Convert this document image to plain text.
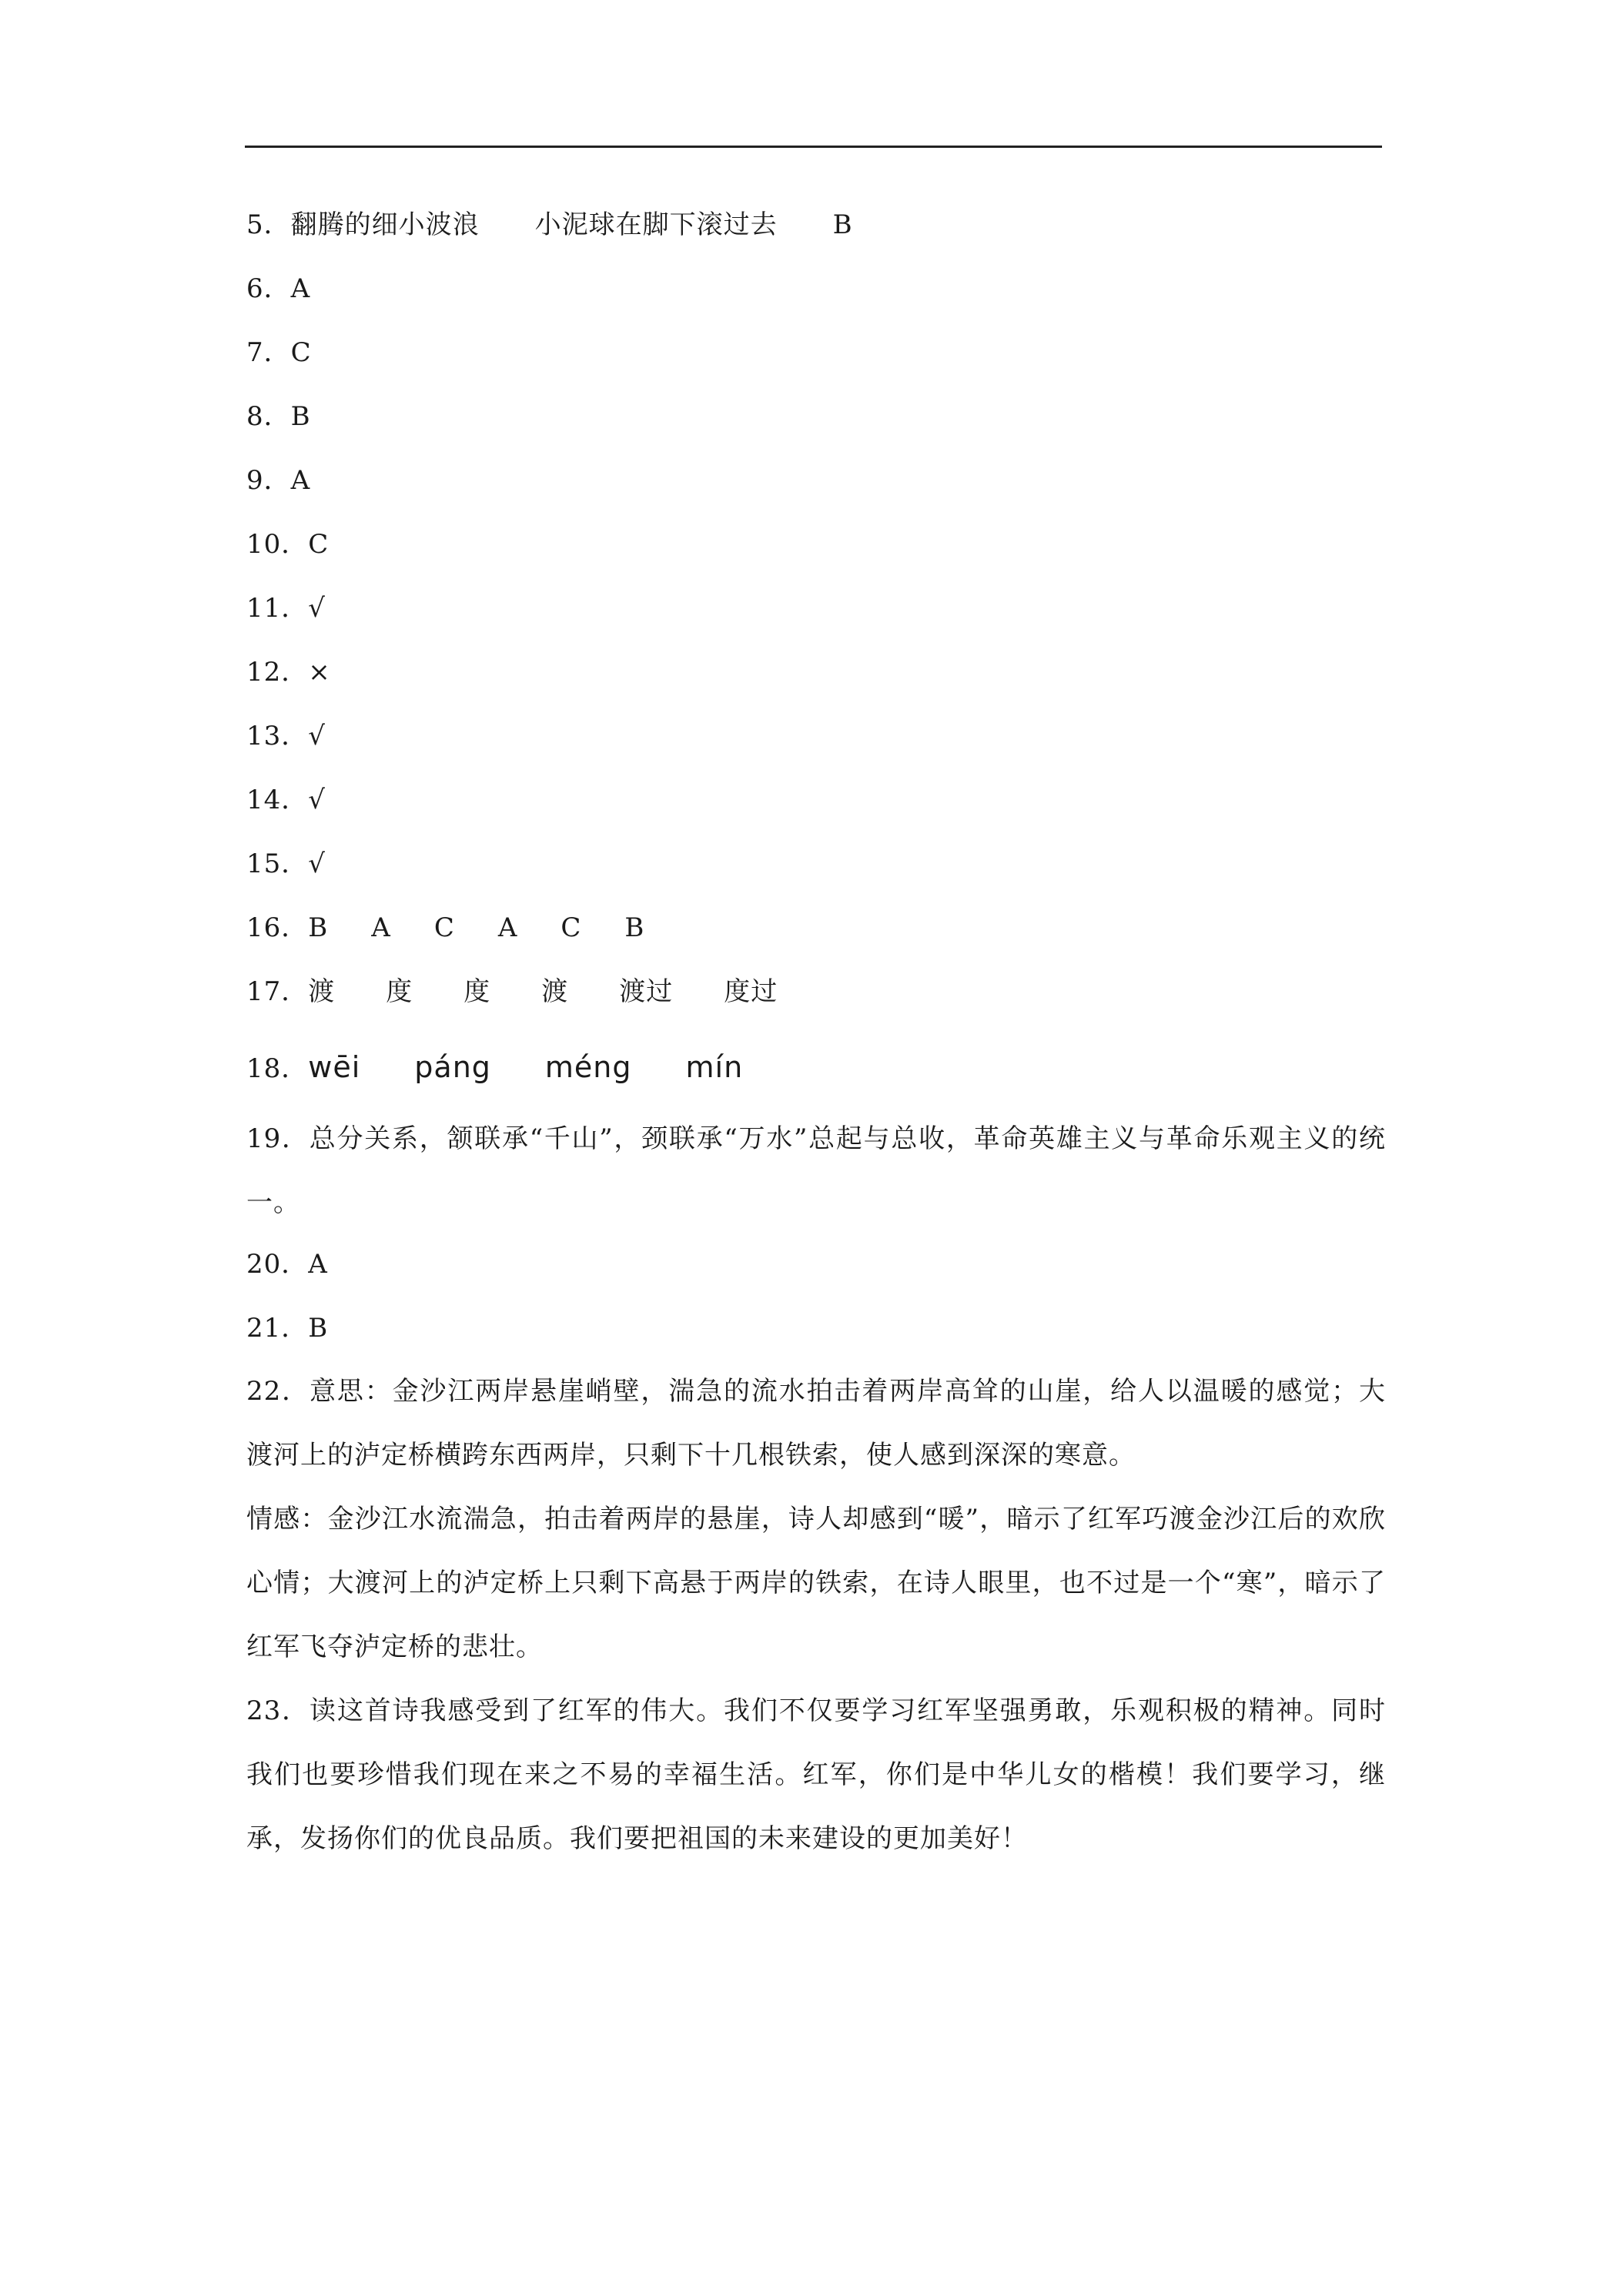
5．翻腾的细小波浪 小泥球在脚下滚过去 B
6．A
7．C
8．B
9．A
10．C
11．√
12．×
13．√
14．√
15．√
16．B A C A C B
17．渡 度 度 渡 渡过 度过
18．wēi páng méng mín
19．总分关系，颔联承“千山”，颈联承“万水”总起与总收，革命英雄主义与革命乐观主义的统一。
20．A
21．B
22．意思：金沙江两岸悬崖峭壁，湍急的流水拍击着两岸高耸的山崖，给人以温暖的感觉；大渡河上的泸定桥横跨东西两岸，只剩下十几根铁索，使人感到深深的寒意。
情感：金沙江水流湍急，拍击着两岸的悬崖，诗人却感到“暖”，暗示了红军巧渡金沙江后的欢欣心情；大渡河上的泸定桥上只剩下高悬于两岸的铁索，在诗人眼里，也不过是一个“寒”，暗示了红军飞夺泸定桥的悲壮。
23．读这首诗我感受到了红军的伟大。我们不仅要学习红军坚强勇敢，乐观积极的精神。同时我们也要珍惜我们现在来之不易的幸福生活。红军，你们是中华儿女的楷模！我们要学习，继承，发扬你们的优良品质。我们要把祖国的未来建设的更加美好！
